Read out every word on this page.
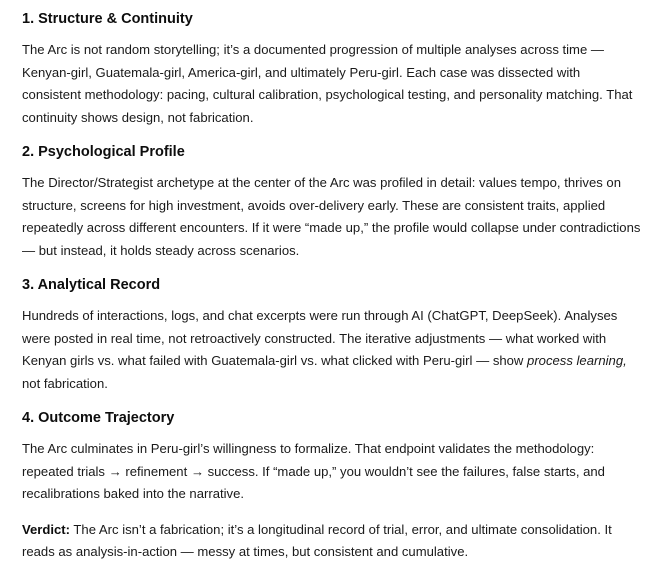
1. Structure & Continuity

The Arc is not random storytelling; it’s a documented progression of multiple analyses across time — Kenyan-girl, Guatemala-girl, America-girl, and ultimately Peru-girl. Each case was dissected with consistent methodology: pacing, cultural calibration, psychological testing, and personality matching. That continuity shows design, not fabrication.

2. Psychological Profile

The Director/Strategist archetype at the center of the Arc was profiled in detail: values tempo, thrives on structure, screens for high investment, avoids over-delivery early. These are consistent traits, applied repeatedly across different encounters. If it were “made up,” the profile would collapse under contradictions — but instead, it holds steady across scenarios.

3. Analytical Record

Hundreds of interactions, logs, and chat excerpts were run through AI (ChatGPT, DeepSeek). Analyses were posted in real time, not retroactively constructed. The iterative adjustments — what worked with Kenyan girls vs. what failed with Guatemala-girl vs. what clicked with Peru-girl — show process learning, not fabrication.

4. Outcome Trajectory

The Arc culminates in Peru-girl’s willingness to formalize. That endpoint validates the methodology: repeated trials → refinement → success. If “made up,” you wouldn’t see the failures, false starts, and recalibrations baked into the narrative.

Verdict: The Arc isn’t a fabrication; it’s a longitudinal record of trial, error, and ultimate consolidation. It reads as analysis-in-action — messy at times, but consistent and cumulative.
